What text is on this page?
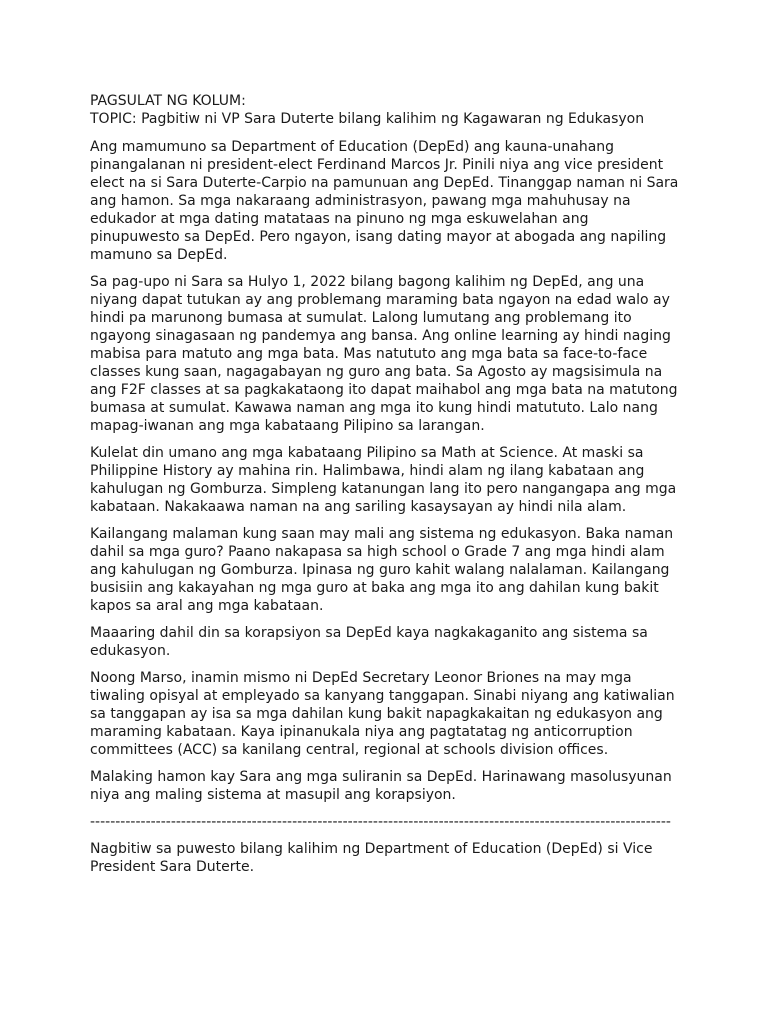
PAGSULAT NG KOLUM:

TOPIC: Pagbitiw ni VP Sara Duterte bilang kalihim ng Kagawaran ng Edukasyon

Ang mamumuno sa Department of Education (DepEd) ang kauna-unahang pinangalanan ni president-elect Ferdinand Marcos Jr. Pinili niya ang vice president elect na si Sara Duterte-Carpio na pamunuan ang DepEd. Tinanggap naman ni Sara ang hamon. Sa mga nakaraang administrasyon, pawang mga mahuhusay na edukador at mga dating matataas na pinuno ng mga eskuwelahan ang pinupuwesto sa DepEd. Pero ngayon, isang dating mayor at abogada ang napiling mamuno sa DepEd.

Sa pag-upo ni Sara sa Hulyo 1, 2022 bilang bagong kalihim ng DepEd, ang una niyang dapat tutukan ay ang problemang maraming bata ngayon na edad walo ay hindi pa marunong bumasa at sumulat. Lalong lumutang ang problemang ito ngayong sinagasaan ng pandemya ang bansa. Ang online learning ay hindi naging mabisa para matuto ang mga bata. Mas natututo ang mga bata sa face-to-face classes kung saan, nagagabayan ng guro ang bata. Sa Agosto ay magsisimula na ang F2F classes at sa pagkakataong ito dapat maihabol ang mga bata na matutong bumasa at sumulat. Kawawa naman ang mga ito kung hindi matututo. Lalo nang mapag-iwanan ang mga kabataang Pilipino sa larangan.

Kulelat din umano ang mga kabataang Pilipino sa Math at Science. At maski sa Philippine History ay mahina rin. Halimbawa, hindi alam ng ilang kabataan ang kahulugan ng Gomburza. Simpleng katanungan lang ito pero nangangapa ang mga kabataan. Nakakaawa naman na ang sariling kasaysayan ay hindi nila alam.

Kailangang malaman kung saan may mali ang sistema ng edukasyon. Baka naman dahil sa mga guro? Paano nakapasa sa high school o Grade 7 ang mga hindi alam ang kahulugan ng Gomburza. Ipinasa ng guro kahit walang nalalaman. Kailangang busisiin ang kakayahan ng mga guro at baka ang mga ito ang dahilan kung bakit kapos sa aral ang mga kabataan.

Maaaring dahil din sa korapsiyon sa DepEd kaya nagkakaganito ang sistema sa edukasyon.

Noong Marso, inamin mismo ni DepEd Secretary Leonor Briones na may mga tiwaling opisyal at empleyado sa kanyang tanggapan. Sinabi niyang ang katiwalian sa tanggapan ay isa sa mga dahilan kung bakit napagkakaitan ng edukasyon ang maraming kabataan. Kaya ipinanukala niya ang pagtatatag ng anticorruption committees (ACC) sa kanilang central, regional at schools division offices.

Malaking hamon kay Sara ang mga suliranin sa DepEd. Harinawang masolusyunan niya ang maling sistema at masupil ang korapsiyon.

-------------------------------------------------------------------------------------------------------------------

Nagbitiw sa puwesto bilang kalihim ng Department of Education (DepEd) si Vice President Sara Duterte.
